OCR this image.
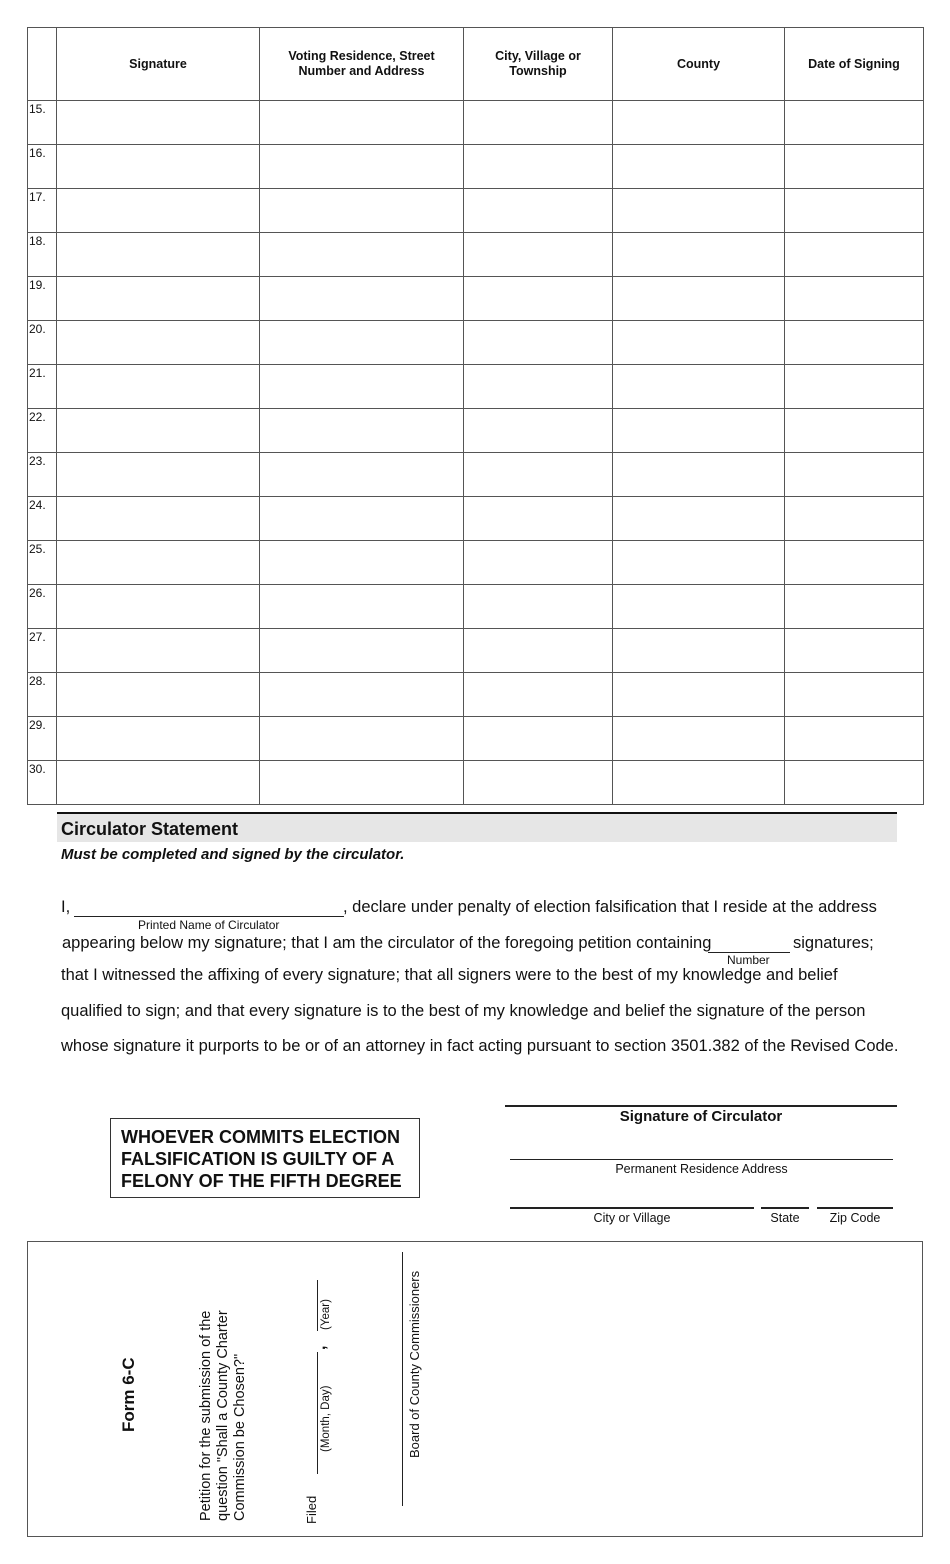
	Signature	Voting Residence, Street Number and Address	City, Village or Township	County	Date of Signing
15.					
16.					
17.					
18.					
19.					
20.					
21.					
22.					
23.					
24.					
25.					
26.					
27.					
28.					
29.					
30.					
Circulator Statement
Must be completed and signed by the circulator.
I,	, declare under penalty of election falsification that I reside at the address
Printed Name of Circulator
appearing below my signature; that I am the circulator of the foregoing petition containing	signatures;
Number
that I witnessed the affixing of every signature; that all signers were to the best of my knowledge and belief
qualified to sign; and that every signature is to the best of my knowledge and belief the signature of the person
whose signature it purports to be or of an attorney in fact acting pursuant to section 3501.382 of the Revised Code.
WHOEVER COMMITS ELECTION
FALSIFICATION IS GUILTY OF A
FELONY OF THE FIFTH DEGREE
Signature of Circulator
Permanent Residence Address
City or Village	State	Zip Code
Form 6-C	Petition for the submission of the question "Shall a County Charter Commission be Chosen?"	Filed
(Month, Day)
,
(Year)	Board of County Commissioners
